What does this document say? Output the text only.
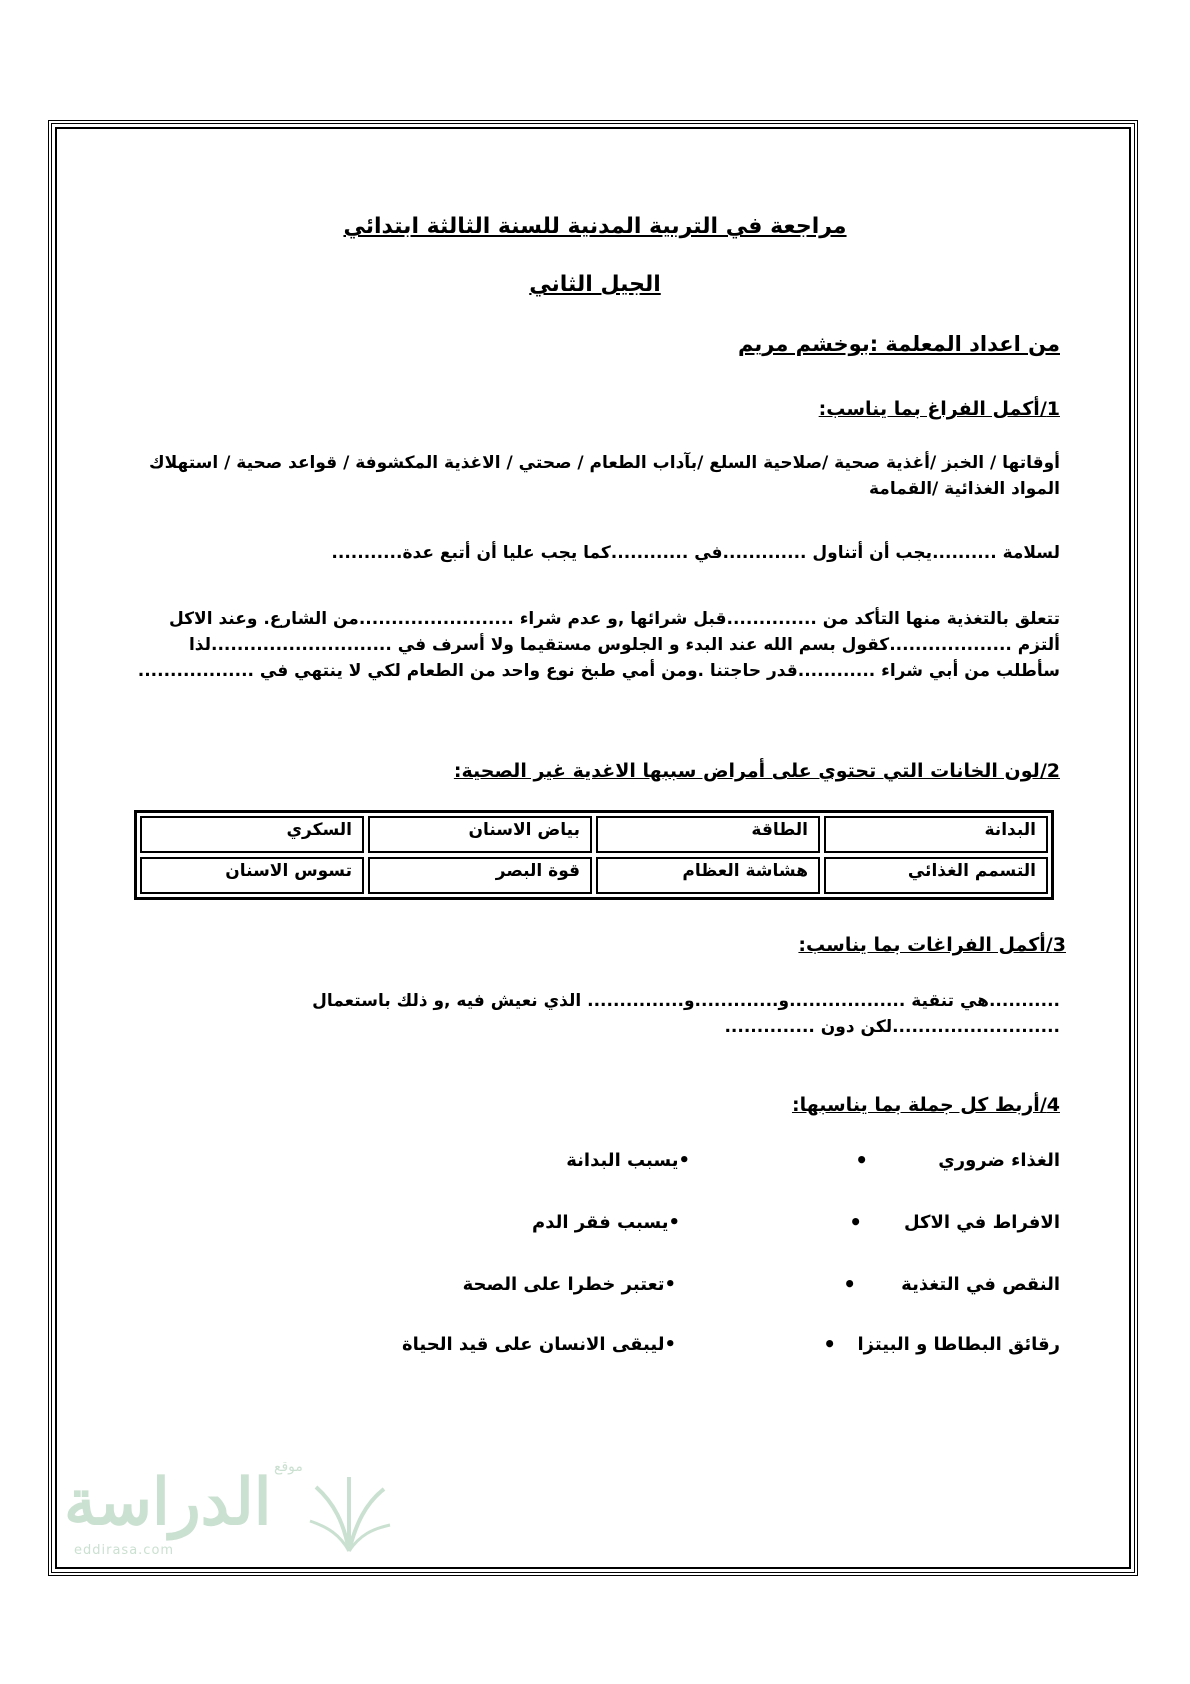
مراجعة في التربية المدنية للسنة الثالثة ابتدائي
الجيل الثاني
من اعداد المعلمة :بوخشم مريم
1/أكمل الفراغ بما يناسب:
أوقاتها / الخبز /أغذية صحية /صلاحية السلع /بآداب الطعام / صحتي / الاغذية المكشوفة / قواعد صحية / استهلاك المواد الغذائية /القمامة
لسلامة ..........يجب أن أتناول .............في ............كما يجب عليا أن أتبع عدة...........
تتعلق بالتغذية منها التأكد من ..............قبل شرائها ,و عدم شراء ........................من الشارع. وعند الاكل ألتزم ...................كقول بسم الله عند البدء و الجلوس مستقيما ولا أسرف في ............................لذا سأطلب من أبي شراء ............قدر حاجتنا .ومن أمي طبخ نوع واحد من الطعام لكي لا ينتهي في ..................
2/لون الخانات التي تحتوي على أمراض سببها الاغدية غير الصحية:
البدانة
الطاقة
بياض الاسنان
السكري
التسمم الغذائي
هشاشة العظام
قوة البصر
تسوس الاسنان
3/أكمل الفراغات بما يناسب:
...........هي تنقية ..................و.............و............... الذي نعيش فيه ,و ذلك باستعمال ..........................لكن دون ..............
4/أربط كل جملة بما يناسبها:
الغذاء ضروري
•
•يسبب البدانة
الافراط في الاكل
•
•يسبب فقر الدم
النقص في التغذية
•
•تعتبر خطرا على الصحة
رقائق البطاطا و البيتزا
•
•ليبقى الانسان على قيد الحياة
الدراسة موقع
eddirasa.com
